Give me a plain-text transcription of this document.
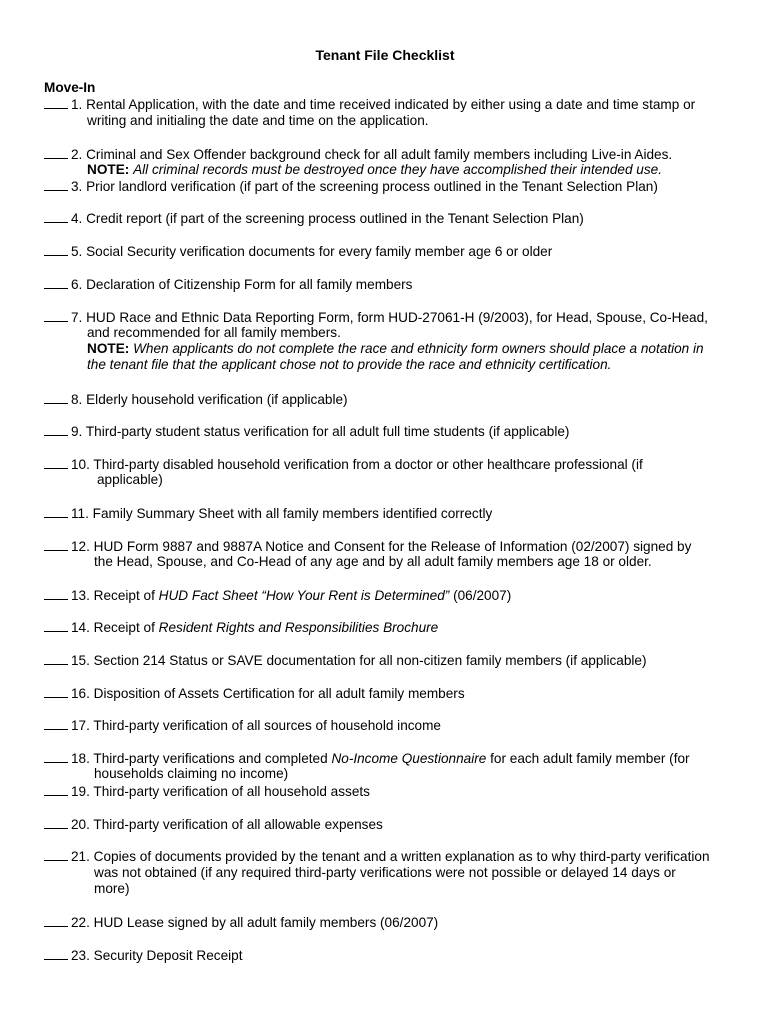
Tenant File Checklist
Move-In
1. Rental Application, with the date and time received indicated by either using a date and time stamp or
writing and initialing the date and time on the application.
2. Criminal and Sex Offender background check for all adult family members including Live-in Aides.
NOTE: All criminal records must be destroyed once they have accomplished their intended use.
3. Prior landlord verification (if part of the screening process outlined in the Tenant Selection Plan)
4. Credit report (if part of the screening process outlined in the Tenant Selection Plan)
5. Social Security verification documents for every family member age 6 or older
6. Declaration of Citizenship Form for all family members
7. HUD Race and Ethnic Data Reporting Form, form HUD-27061-H (9/2003), for Head, Spouse, Co-Head,
and recommended for all family members.
NOTE: When applicants do not complete the race and ethnicity form owners should place a notation in
the tenant file that the applicant chose not to provide the race and ethnicity certification.
8. Elderly household verification (if applicable)
9. Third-party student status verification for all adult full time students (if applicable)
10. Third-party disabled household verification from a doctor or other healthcare professional (if
applicable)
11. Family Summary Sheet with all family members identified correctly
12. HUD Form 9887 and 9887A Notice and Consent for the Release of Information (02/2007) signed by
the Head, Spouse, and Co-Head of any age and by all adult family members age 18 or older.
13. Receipt of HUD Fact Sheet “How Your Rent is Determined” (06/2007)
14. Receipt of Resident Rights and Responsibilities Brochure
15. Section 214 Status or SAVE documentation for all non-citizen family members (if applicable)
16. Disposition of Assets Certification for all adult family members
17. Third-party verification of all sources of household income
18. Third-party verifications and completed No-Income Questionnaire for each adult family member (for
households claiming no income)
19. Third-party verification of all household assets
20. Third-party verification of all allowable expenses
21. Copies of documents provided by the tenant and a written explanation as to why third-party verification
was not obtained (if any required third-party verifications were not possible or delayed 14 days or
more)
22. HUD Lease signed by all adult family members (06/2007)
23. Security Deposit Receipt
